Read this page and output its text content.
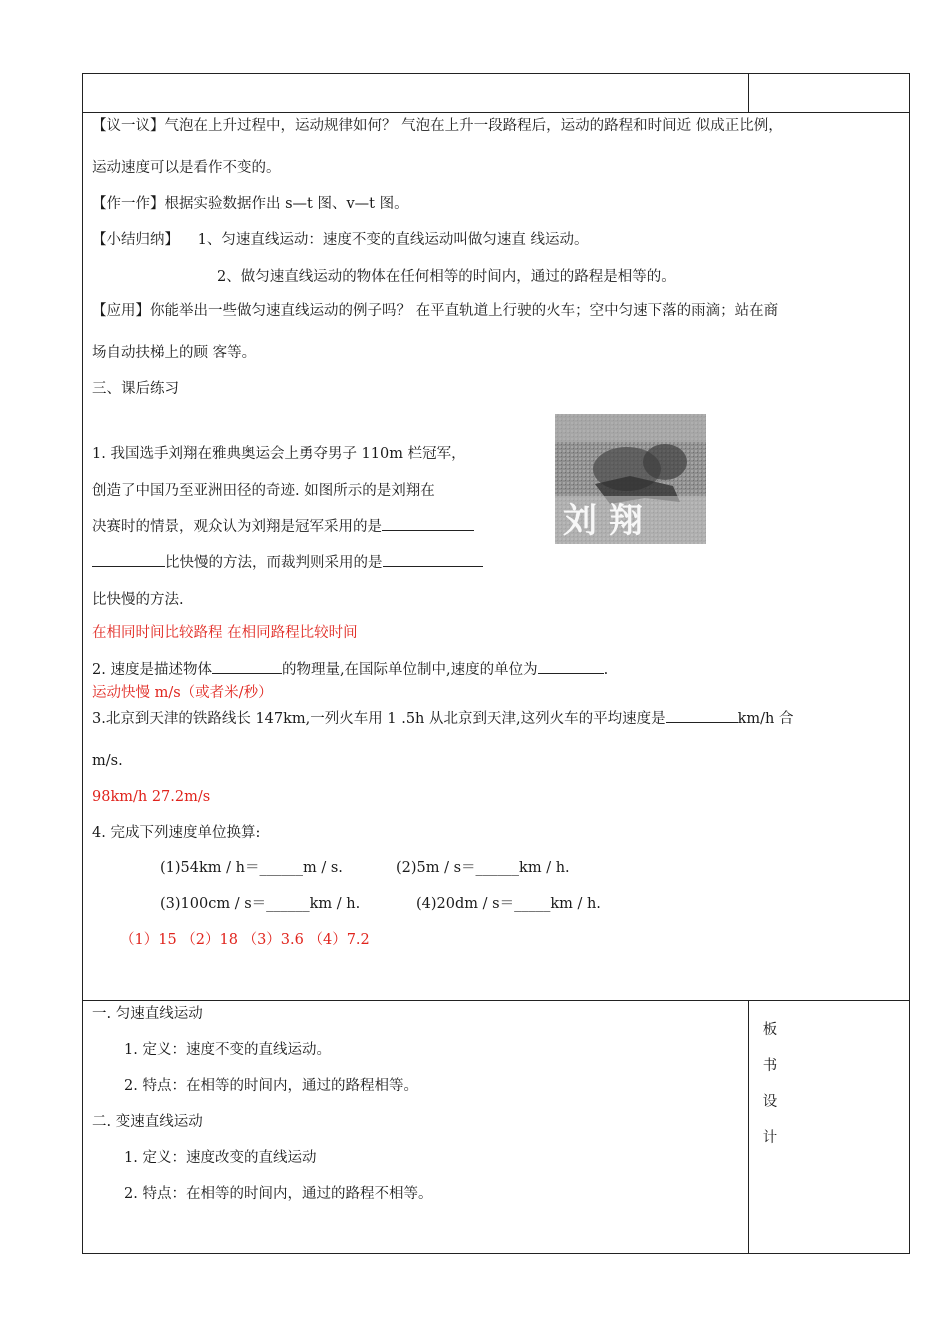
【议一议】气泡在上升过程中，运动规律如何？ 气泡在上升一段路程后，运动的路程和时间近 似成正比例，
运动速度可以是看作不变的。
【作一作】根据实验数据作出 s—t 图、v—t 图。
【小结归纳】 1、匀速直线运动：速度不变的直线运动叫做匀速直 线运动。
2、做匀速直线运动的物体在任何相等的时间内，通过的路程是相等的。
【应用】你能举出一些做匀速直线运动的例子吗？ 在平直轨道上行驶的火车；空中匀速下落的雨滴；站在商
场自动扶梯上的顾 客等。
三、课后练习
1. 我国选手刘翔在雅典奥运会上勇夺男子 110m 栏冠军，
创造了中国乃至亚洲田径的奇迹. 如图所示的是刘翔在
决赛时的情景，观众认为刘翔是冠军采用的是
比快慢的方法，而裁判则采用的是
比快慢的方法.
在相同时间比较路程 在相同路程比较时间
刘 翔
2. 速度是描述物体	的物理量,在国际单位制中,速度的单位为	.
运动快慢 m/s（或者米/秒）
3.北京到天津的铁路线长 147km,一列火车用 1 .5h 从北京到天津,这列火车的平均速度是	km/h 合
m/s.
98km/h 27.2m/s
4. 完成下列速度单位换算:
(1)54km / h＝______m / s.	(2)5m / s＝______km / h.
(3)100cm / s＝______km / h.	(4)20dm / s＝_____km / h.
（1）15 （2）18 （3）3.6 （4）7.2
一. 匀速直线运动
1. 定义：速度不变的直线运动。
2. 特点：在相等的时间内，通过的路程相等。
二. 变速直线运动
1. 定义：速度改变的直线运动
2. 特点：在相等的时间内，通过的路程不相等。
板
书
设
计
